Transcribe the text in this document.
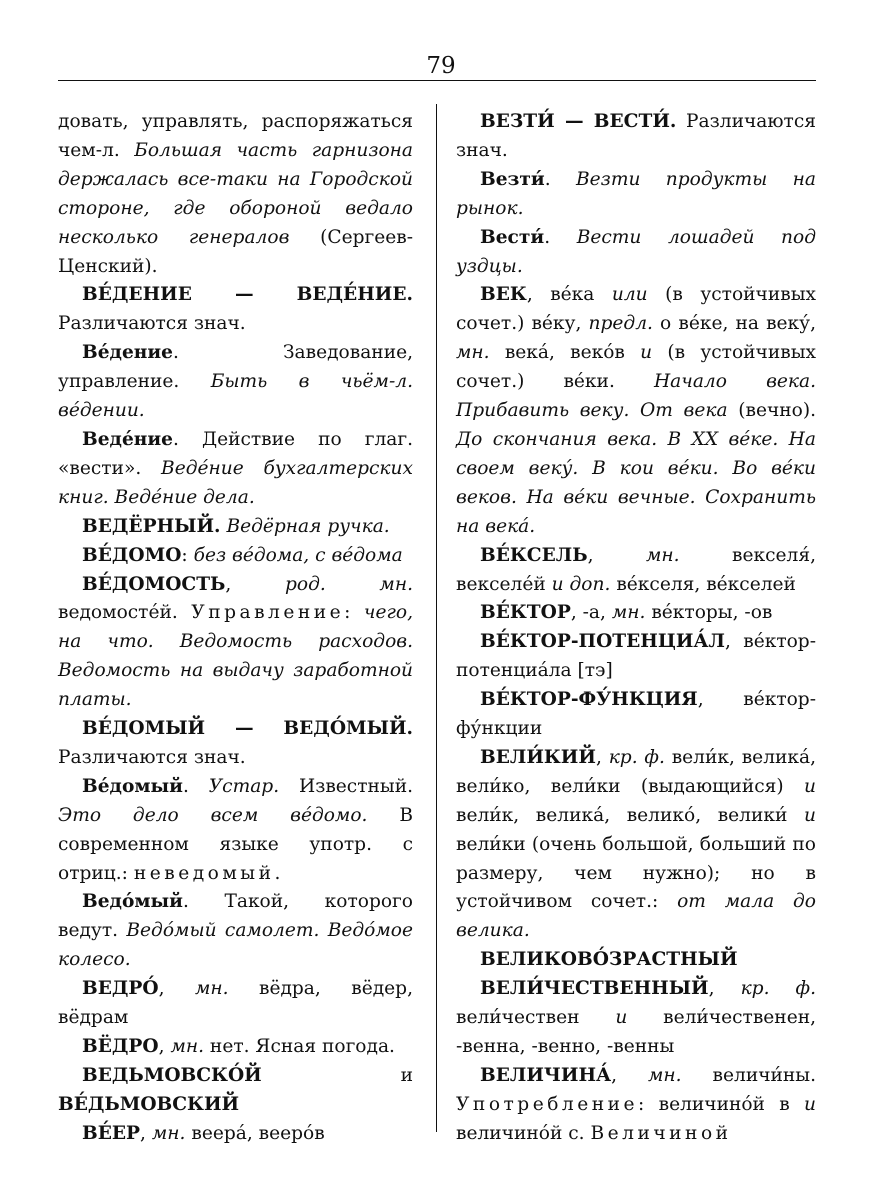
79

довать, управлять, распоряжаться чем-л. Большая часть гарнизона держалась все-таки на Городской стороне, где обороной ведало несколько генералов (Сергеев-Ценский).

ВЕ́ДЕНИЕ — ВЕДЕ́НИЕ. Различаются знач.

Ве́дение. Заведование, управление. Быть в чьём-л. ве́дении.

Веде́ние. Действие по глаг. «вести». Веде́ние бухгалтерских книг. Веде́ние дела.

ВЕДЁРНЫЙ. Ведёрная ручка.

ВЕ́ДОМО: без ве́дома, с ве́дома

ВЕ́ДОМОСТЬ, род. мн. ведомосте́й. Управление: чего, на что. Ведомость расходов. Ведомость на выдачу заработной платы.

ВЕ́ДОМЫЙ — ВЕДО́МЫЙ. Различаются знач.

Ве́домый. Устар. Известный. Это дело всем ве́домо. В современном языке употр. с отриц.: неведомый.

Ведо́мый. Такой, которого ведут. Ведо́мый самолет. Ведо́мое колесо.

ВЕДРО́, мн. вёдра, вёдер, вёдрам

ВЁДРО, мн. нет. Ясная погода.

ВЕДЬМОВСКО́Й и ВЕ́ДЬМОВСКИЙ

ВЕ́ЕР, мн. веера́, вееро́в

ВЕЗТИ́ — ВЕСТИ́. Различаются знач.

Везти́. Везти продукты на рынок.

Вести́. Вести лошадей под уздцы.

ВЕК, ве́ка или (в устойчивых сочет.) ве́ку, предл. о ве́ке, на веку́, мн. века́, веко́в и (в устойчивых сочет.) ве́ки. Начало века. Прибавить веку. От века (вечно). До скончания века. В XX ве́ке. На своем веку́. В кои ве́ки. Во ве́ки веков. На ве́ки вечные. Сохранить на века́.

ВЕ́КСЕЛЬ, мн. векселя́, векселе́й и доп. ве́кселя, ве́кселей

ВЕ́КТОР, -а, мн. ве́кторы, -ов

ВЕ́КТОР-ПОТЕНЦИА́Л, ве́ктор-потенциа́ла [тэ]

ВЕ́КТОР-ФУ́НКЦИЯ, ве́ктор-фу́нкции

ВЕЛИ́КИЙ, кр. ф. вели́к, велика́, вели́ко, вели́ки (выдающийся) и вели́к, велика́, велико́, велики́ и вели́ки (очень большой, больший по размеру, чем нужно); но в устойчивом сочет.: от мала до велика.

ВЕЛИКОВО́ЗРАСТНЫЙ

ВЕЛИ́ЧЕСТВЕННЫЙ, кр. ф. вели́чествен и вели́чественен, -венна, -венно, -венны

ВЕЛИЧИНА́, мн. величи́ны. Употребление: величино́й в и величино́й с. Величиной
